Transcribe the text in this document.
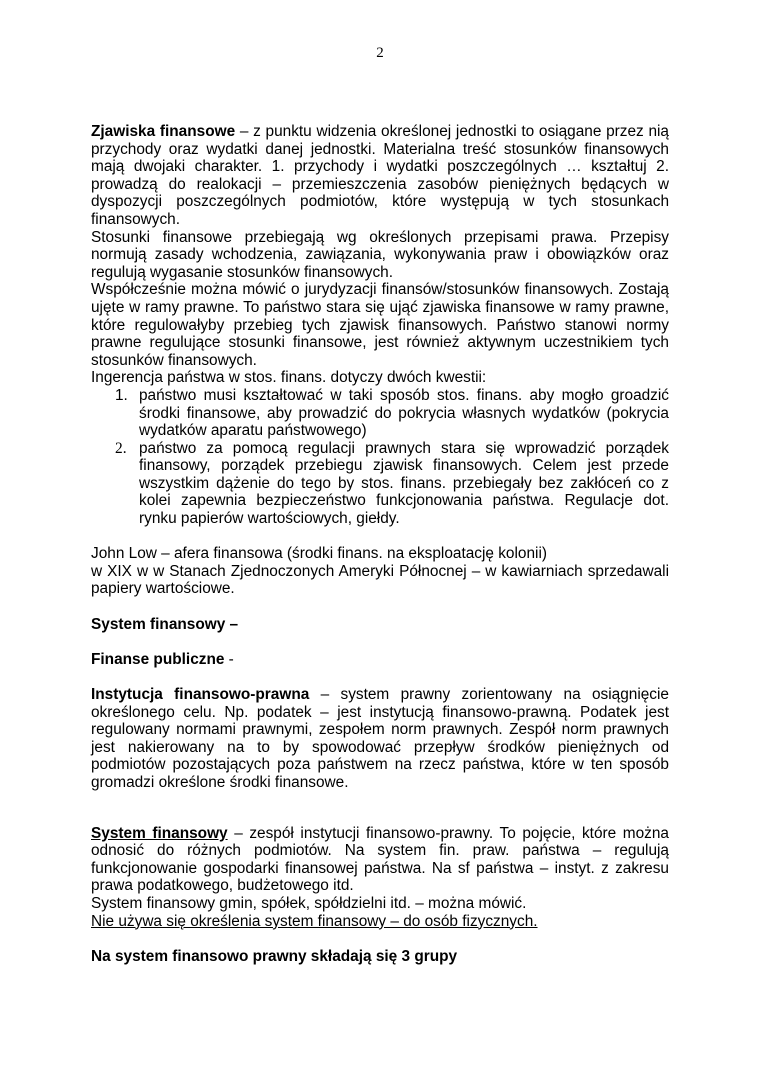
2

Zjawiska finansowe – z punktu widzenia określonej jednostki to osiągane przez nią przychody oraz wydatki danej jednostki. Materialna treść stosunków finansowych mają dwojaki charakter. 1. przychody i wydatki poszczególnych … kształtuj 2. prowadzą do realokacji – przemieszczenia zasobów pieniężnych będących w dyspozycji poszczególnych podmiotów, które występują w tych stosunkach finansowych.

Stosunki finansowe przebiegają wg określonych przepisami prawa. Przepisy normują zasady wchodzenia, zawiązania, wykonywania praw i obowiązków oraz regulują wygasanie stosunków finansowych.

Współcześnie można mówić o jurydyzacji finansów/stosunków finansowych. Zostają ujęte w ramy prawne. To państwo stara się ująć zjawiska finansowe w ramy prawne, które regulowałyby przebieg tych zjawisk finansowych. Państwo stanowi normy prawne regulujące stosunki finansowe, jest również aktywnym uczestnikiem tych stosunków finansowych.

Ingerencja państwa w stos. finans. dotyczy dwóch kwestii:

1. państwo musi kształtować w taki sposób stos. finans. aby mogło groadzić środki finansowe, aby prowadzić do pokrycia własnych wydatków (pokrycia wydatków aparatu państwowego)
2. państwo za pomocą regulacji prawnych stara się wprowadzić porządek finansowy, porządek przebiegu zjawisk finansowych. Celem jest przede wszystkim dążenie do tego by stos. finans. przebiegały bez zakłóceń co z kolei zapewnia bezpieczeństwo funkcjonowania państwa. Regulacje dot. rynku papierów wartościowych, giełdy.

John Low – afera finansowa (środki finans. na eksploatację kolonii)

w XIX w w Stanach Zjednoczonych Ameryki Północnej – w kawiarniach sprzedawali papiery wartościowe.

System finansowy –

Finanse publiczne -

Instytucja finansowo-prawna – system prawny zorientowany na osiągnięcie określonego celu. Np. podatek – jest instytucją finansowo-prawną. Podatek jest regulowany normami prawnymi, zespołem norm prawnych. Zespół norm prawnych jest nakierowany na to by spowodować przepływ środków pieniężnych od podmiotów pozostających poza państwem na rzecz państwa, które w ten sposób gromadzi określone środki finansowe.

System finansowy – zespół instytucji finansowo-prawny. To pojęcie, które można odnosić do różnych podmiotów. Na system fin. praw. państwa – regulują funkcjonowanie gospodarki finansowej państwa. Na sf państwa – instyt. z zakresu prawa podatkowego, budżetowego itd.

System finansowy gmin, spółek, spółdzielni itd. – można mówić.

Nie używa się określenia system finansowy – do osób fizycznych.

Na system finansowo prawny składają się 3 grupy
